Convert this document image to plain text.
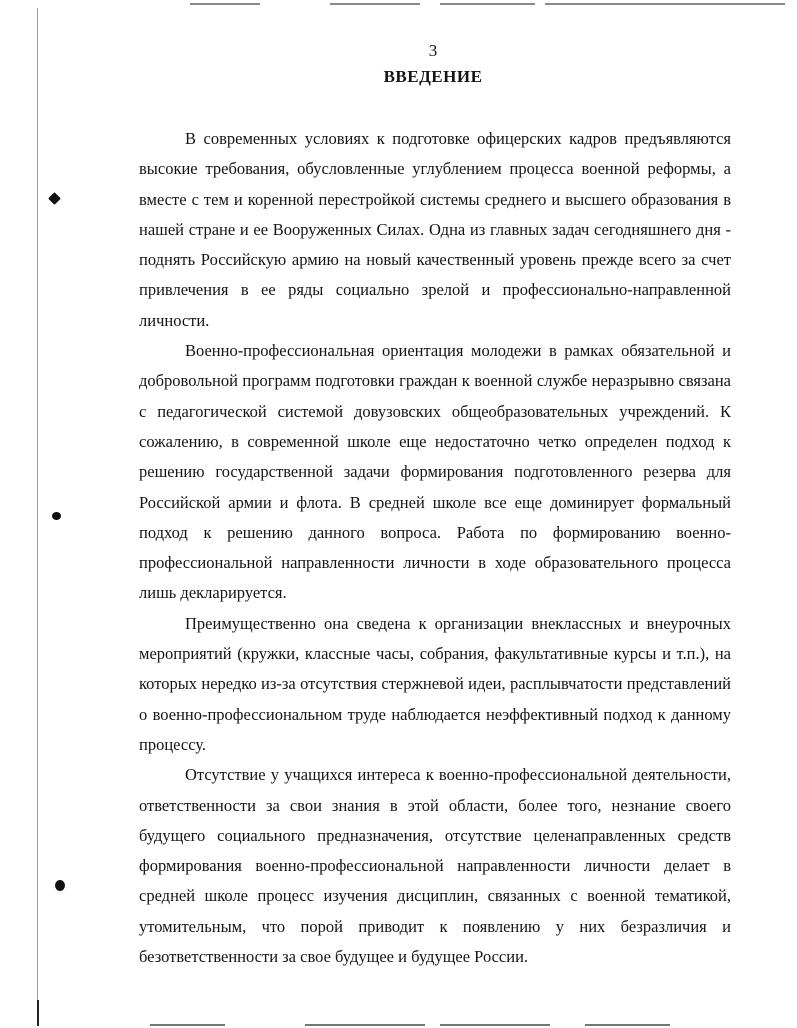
3
ВВЕДЕНИЕ

В современных условиях к подготовке офицерских кадров предъявляются высокие требования, обусловленные углублением процесса военной реформы, а вместе с тем и коренной перестройкой системы среднего и высшего образования в нашей стране и ее Вооруженных Силах. Одна из главных задач сегодняшнего дня - поднять Российскую армию на новый качественный уровень прежде всего за счет привлечения в ее ряды социально зрелой и профессионально-направленной личности.

Военно-профессиональная ориентация молодежи в рамках обязательной и добровольной программ подготовки граждан к военной службе неразрывно связана с педагогической системой довузовских общеобразовательных учреждений. К сожалению, в современной школе еще недостаточно четко определен подход к решению государственной задачи формирования подготовленного резерва для Российской армии и флота. В средней школе все еще доминирует формальный подход к решению данного вопроса. Работа по формированию военно-профессиональной направленности личности в ходе образовательного процесса лишь декларируется.

Преимущественно она сведена к организации внеклассных и внеурочных мероприятий (кружки, классные часы, собрания, факультативные курсы и т.п.), на которых нередко из-за отсутствия стержневой идеи, расплывчатости представлений о военно-профессиональном труде наблюдается неэффективный подход к данному процессу.

Отсутствие у учащихся интереса к военно-профессиональной деятельности, ответственности за свои знания в этой области, более того, незнание своего будущего социального предназначения, отсутствие целенаправленных средств формирования военно-профессиональной направленности личности делает в средней школе процесс изучения дисциплин, связанных с военной тематикой, утомительным, что порой приводит к появлению у них безразличия и безответственности за свое будущее и будущее России.
